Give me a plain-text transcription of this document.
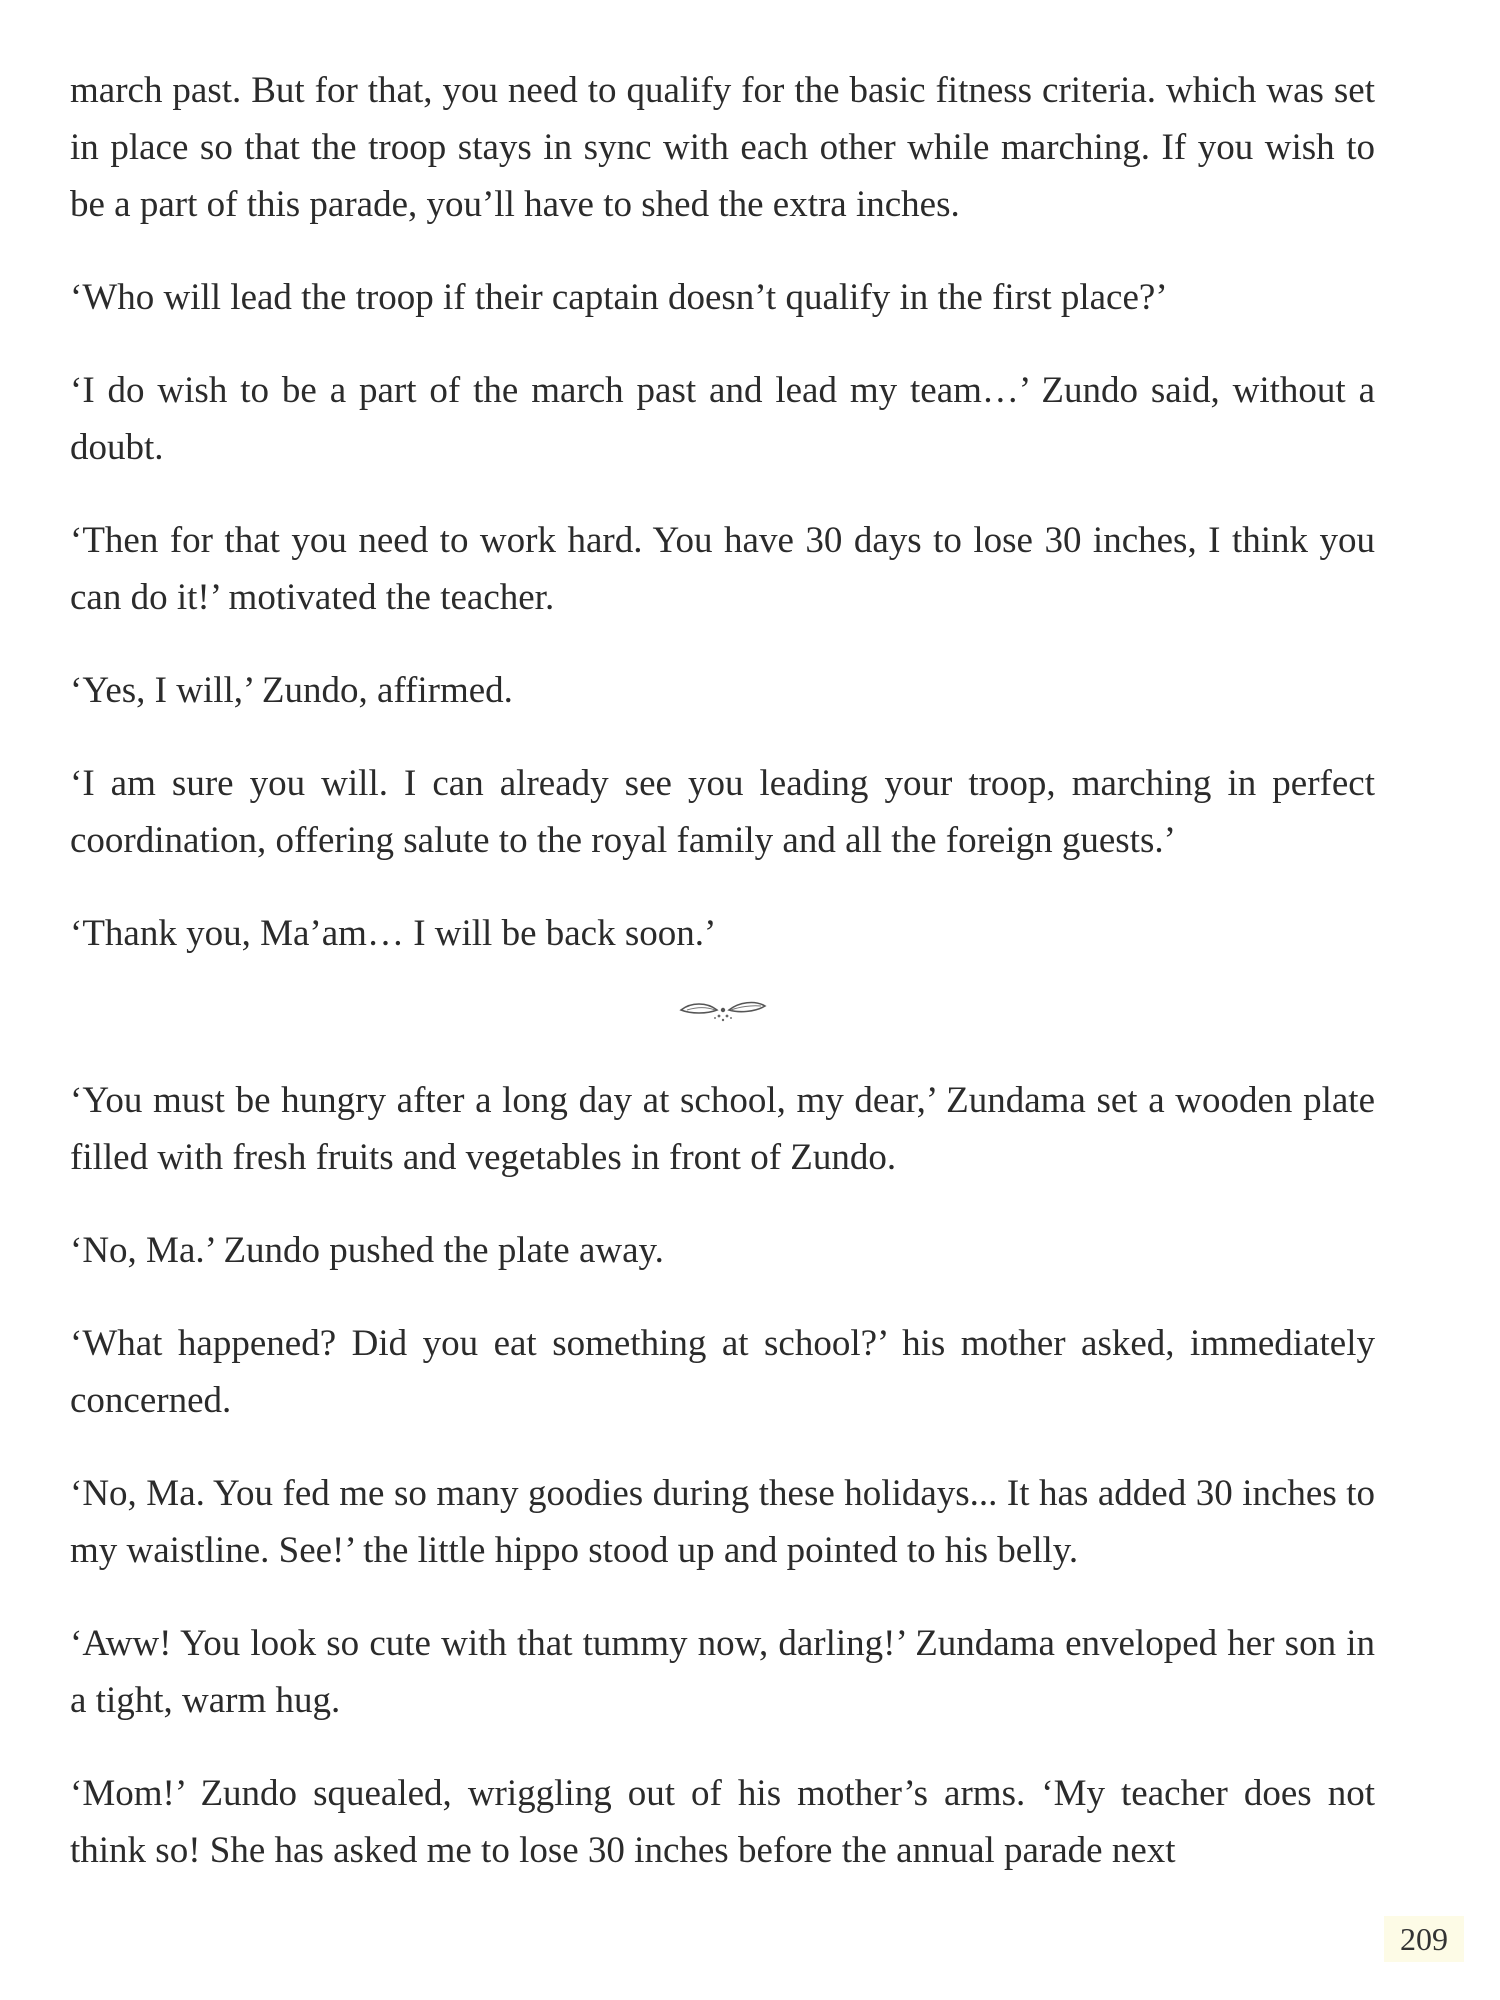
march past. But for that, you need to qualify for the basic fitness criteria. which was set in place so that the troop stays in sync with each other while marching. If you wish to be a part of this parade, you’ll have to shed the extra inches.

‘Who will lead the troop if their captain doesn’t qualify in the first place?’

‘I do wish to be a part of the march past and lead my team…’ Zundo said, without a doubt.

‘Then for that you need to work hard. You have 30 days to lose 30 inches, I think you can do it!’ motivated the teacher.

‘Yes, I will,’ Zundo, affirmed.

‘I am sure you will. I can already see you leading your troop, marching in perfect coordination, offering salute to the royal family and all the foreign guests.’

‘Thank you, Ma’am… I will be back soon.’

‘You must be hungry after a long day at school, my dear,’ Zundama set a wooden plate filled with fresh fruits and vegetables in front of Zundo.

‘No, Ma.’ Zundo pushed the plate away.

‘What happened? Did you eat something at school?’ his mother asked, immediately concerned.

‘No, Ma. You fed me so many goodies during these holidays... It has added 30 inches to my waistline. See!’ the little hippo stood up and pointed to his belly.

‘Aww! You look so cute with that tummy now, darling!’ Zundama enveloped her son in a tight, warm hug.

‘Mom!’ Zundo squealed, wriggling out of his mother’s arms. ‘My teacher does not think so! She has asked me to lose 30 inches before the annual parade next

209
